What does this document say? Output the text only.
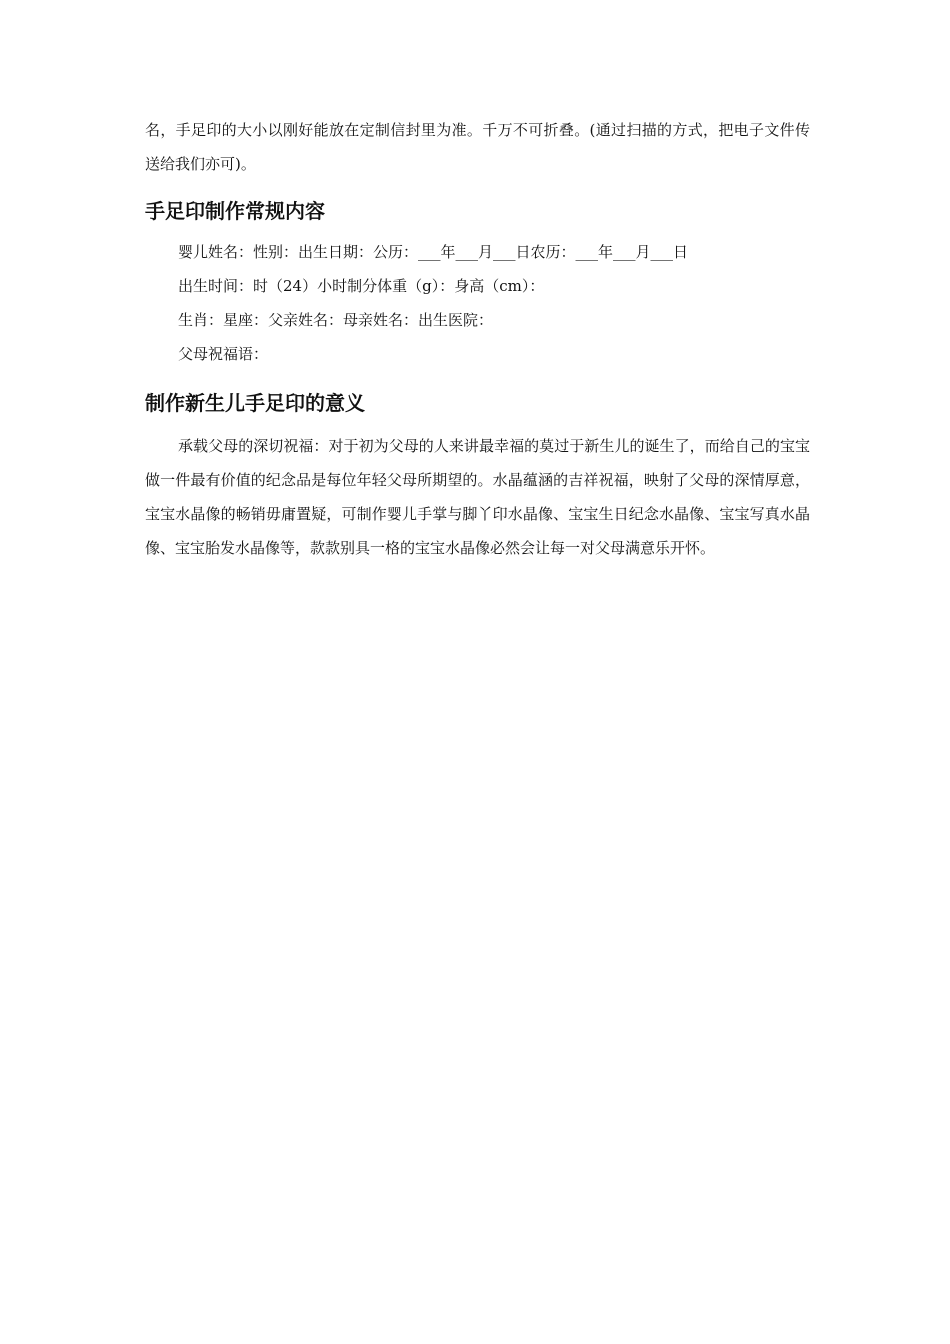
名，手足印的大小以刚好能放在定制信封里为准。千万不可折叠。(通过扫描的方式，把电子文件传送给我们亦可)。

手足印制作常规内容

婴儿姓名：性别：出生日期：公历：___年___月___日农历：___年___月___日

出生时间：时（24）小时制分体重（g）：身高（cm）：

生肖：星座：父亲姓名：母亲姓名：出生医院：

父母祝福语：

制作新生儿手足印的意义

承载父母的深切祝福：对于初为父母的人来讲最幸福的莫过于新生儿的诞生了，而给自己的宝宝做一件最有价值的纪念品是每位年轻父母所期望的。水晶蕴涵的吉祥祝福，映射了父母的深情厚意，宝宝水晶像的畅销毋庸置疑，可制作婴儿手掌与脚丫印水晶像、宝宝生日纪念水晶像、宝宝写真水晶像、宝宝胎发水晶像等，款款别具一格的宝宝水晶像必然会让每一对父母满意乐开怀。
